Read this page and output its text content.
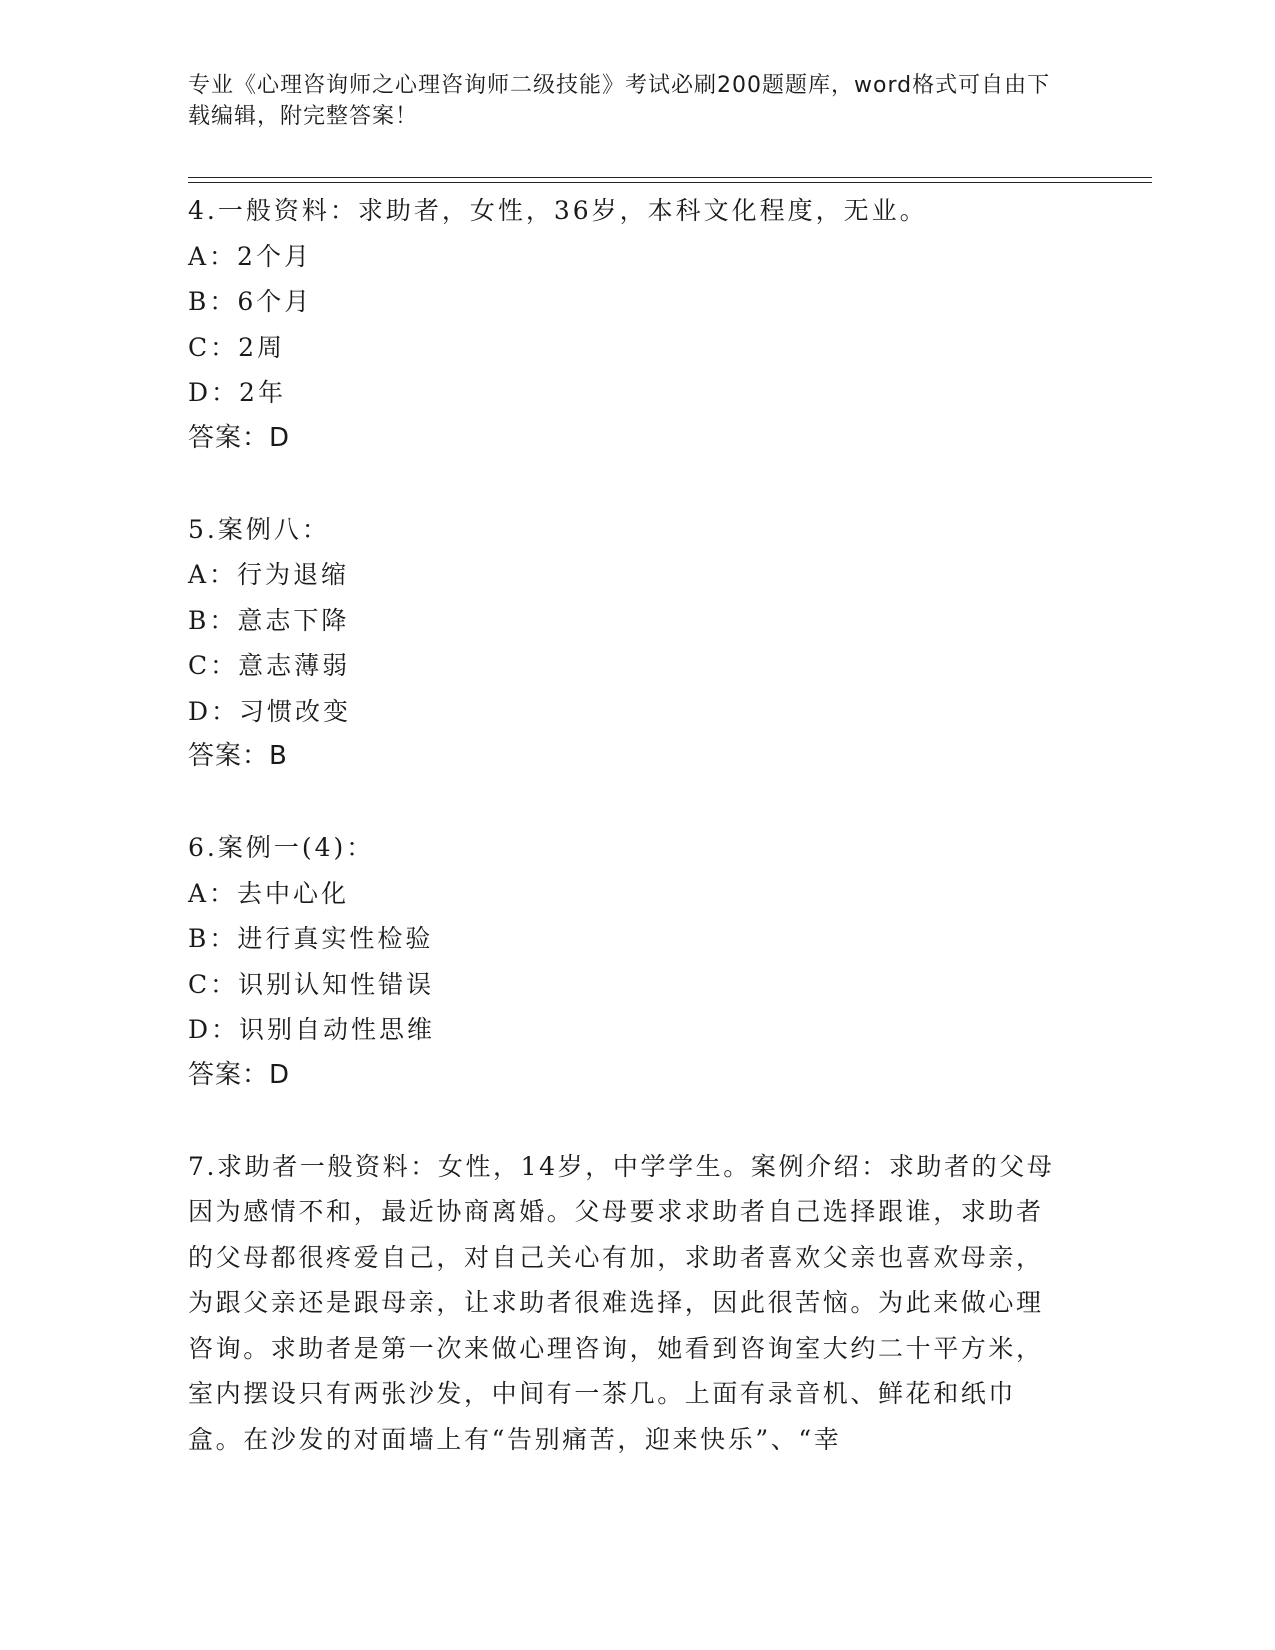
专业《心理咨询师之心理咨询师二级技能》考试必刷200题题库，word格式可自由下载编辑，附完整答案！

4.一般资料：求助者，女性，36岁，本科文化程度，无业。

A：2个月

B：6个月

C：2周

D：2年

答案：D

5.案例八：

A：行为退缩

B：意志下降

C：意志薄弱

D：习惯改变

答案：B

6.案例一(4)：

A：去中心化

B：进行真实性检验

C：识别认知性错误

D：识别自动性思维

答案：D

7.求助者一般资料：女性，14岁，中学学生。案例介绍：求助者的父母因为感情不和，最近协商离婚。父母要求求助者自己选择跟谁，求助者的父母都很疼爱自己，对自己关心有加，求助者喜欢父亲也喜欢母亲，为跟父亲还是跟母亲，让求助者很难选择，因此很苦恼。为此来做心理咨询。求助者是第一次来做心理咨询，她看到咨询室大约二十平方米，室内摆设只有两张沙发，中间有一茶几。上面有录音机、鲜花和纸巾盒。在沙发的对面墙上有“告别痛苦，迎来快乐”、“幸
